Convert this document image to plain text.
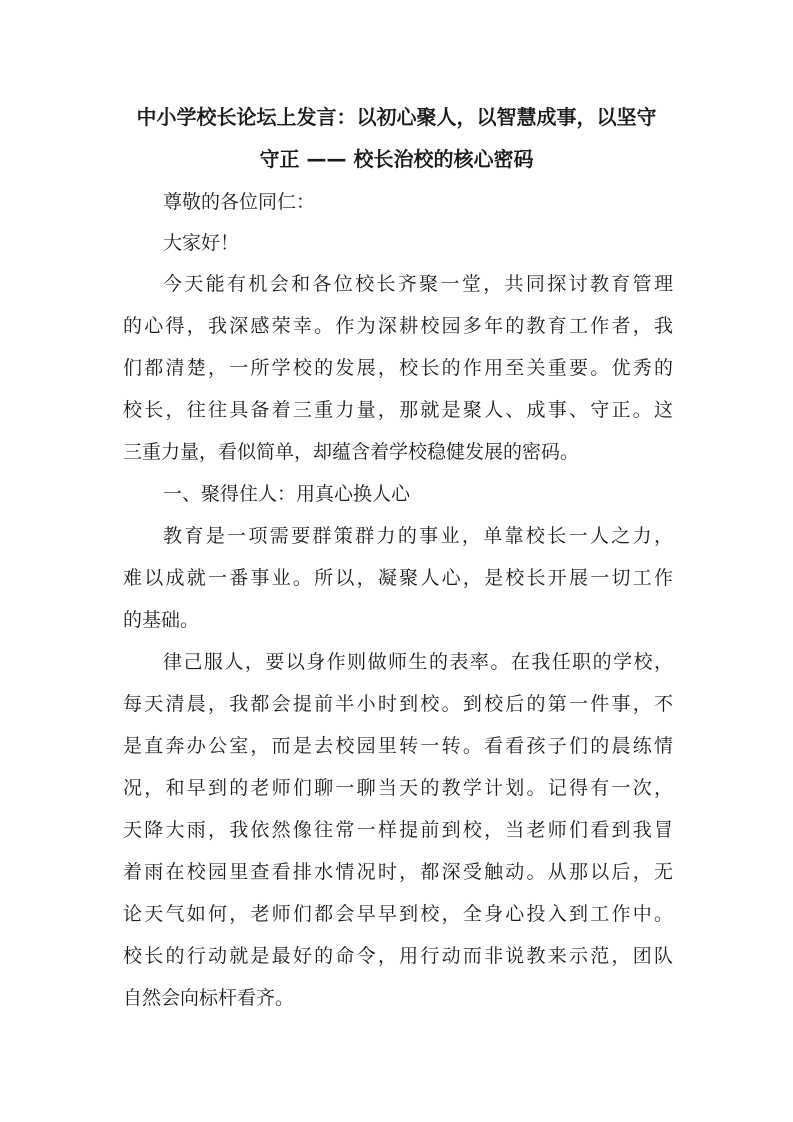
中小学校长论坛上发言：以初心聚人，以智慧成事，以坚守
守正 —— 校长治校的核心密码
尊敬的各位同仁：
大家好！
今天能有机会和各位校长齐聚一堂，共同探讨教育管理
的心得，我深感荣幸。作为深耕校园多年的教育工作者，我
们都清楚，一所学校的发展，校长的作用至关重要。优秀的
校长，往往具备着三重力量，那就是聚人、成事、守正。这
三重力量，看似简单，却蕴含着学校稳健发展的密码。
一、聚得住人：用真心换人心
教育是一项需要群策群力的事业，单靠校长一人之力，
难以成就一番事业。所以，凝聚人心，是校长开展一切工作
的基础。
律己服人，要以身作则做师生的表率。在我任职的学校，
每天清晨，我都会提前半小时到校。到校后的第一件事，不
是直奔办公室，而是去校园里转一转。看看孩子们的晨练情
况，和早到的老师们聊一聊当天的教学计划。记得有一次，
天降大雨，我依然像往常一样提前到校，当老师们看到我冒
着雨在校园里查看排水情况时，都深受触动。从那以后，无
论天气如何，老师们都会早早到校，全身心投入到工作中。
校长的行动就是最好的命令，用行动而非说教来示范，团队
自然会向标杆看齐。
